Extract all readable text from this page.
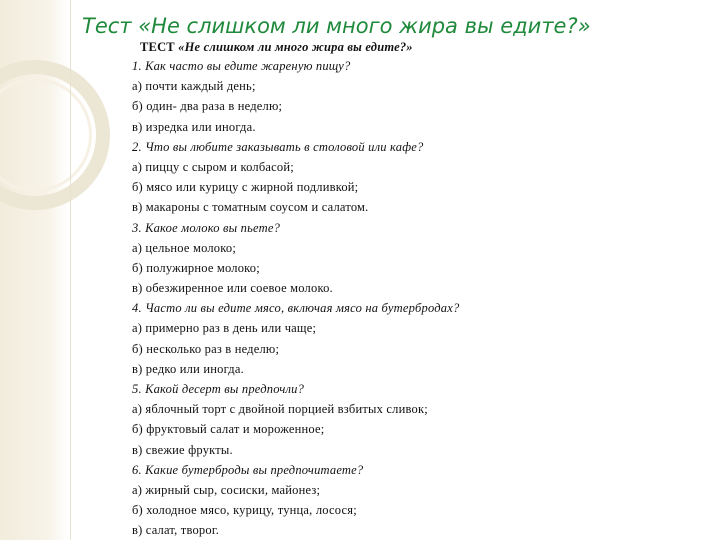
Тест «Не слишком ли много жира вы едите?»
ТЕСТ «Не слишком ли много жира вы едите?»
1. Как часто вы едите жареную пищу?
а) почти каждый день;
б) один- два раза в неделю;
в) изредка или иногда.
2. Что вы любите заказывать в столовой или кафе?
а) пиццу с сыром и колбасой;
б) мясо или курицу с жирной подливкой;
в) макароны с томатным соусом и салатом.
3. Какое молоко вы пьете?
а) цельное молоко;
б) полужирное молоко;
в) обезжиренное или соевое молоко.
4. Часто ли вы едите мясо, включая мясо на бутербродах?
а) примерно раз в день или чаще;
б) несколько раз в неделю;
в) редко или иногда.
5. Какой десерт вы предпочли?
а) яблочный торт с двойной порцией взбитых сливок;
б) фруктовый салат и мороженное;
в) свежие фрукты.
6. Какие бутерброды вы предпочитаете?
а) жирный сыр, сосиски, майонез;
б) холодное мясо, курицу, тунца, лосося;
в) салат, творог.
